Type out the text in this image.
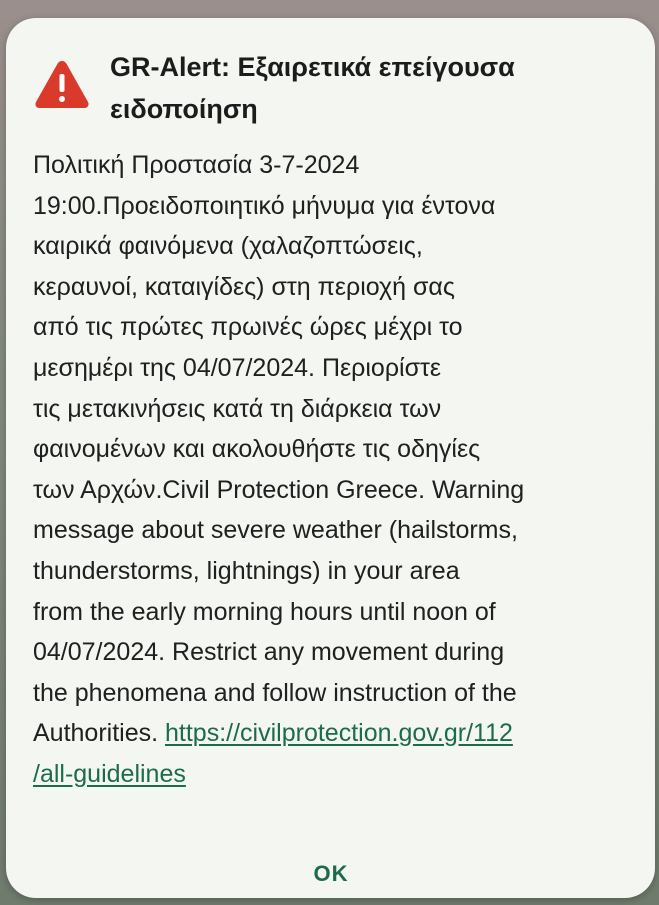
GR-Alert: Εξαιρετικά επείγουσα ειδοποίηση

Πολιτική Προστασία 3-7-2024
19:00.Προειδοποιητικό μήνυμα για έντονα
καιρικά φαινόμενα (χαλαζοπτώσεις,
κεραυνοί, καταιγίδες) στη περιοχή σας
από τις πρώτες πρωινές ώρες μέχρι το
μεσημέρι της 04/07/2024. Περιορίστε
τις μετακινήσεις κατά τη διάρκεια των
φαινομένων και ακολουθήστε τις οδηγίες
των Αρχών.Civil Protection Greece. Warning
message about severe weather (hailstorms,
thunderstorms, lightnings) in your area
from the early morning hours until noon of
04/07/2024. Restrict any movement during
the phenomena and follow instruction of the
Authorities. https://civilprotection.gov.gr/112
/all-guidelines

OK
